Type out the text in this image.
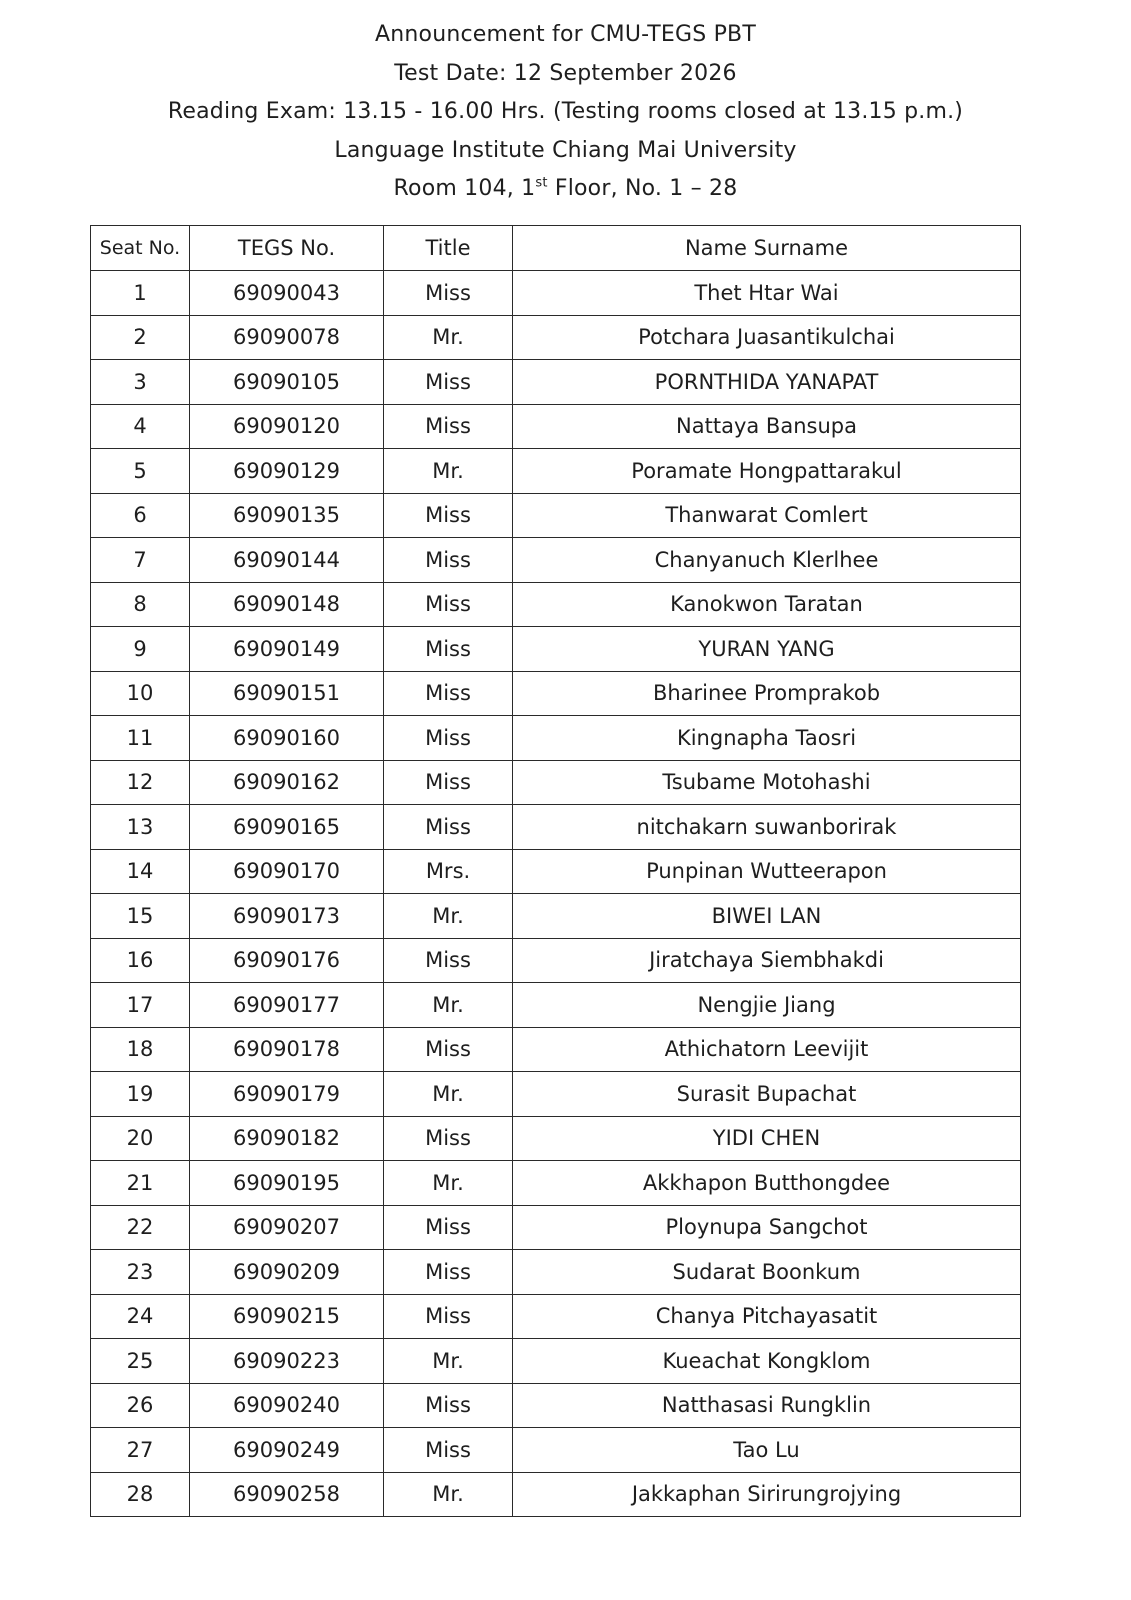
Announcement for CMU-TEGS PBT
Test Date: 12 September 2026
Reading Exam: 13.15 - 16.00 Hrs. (Testing rooms closed at 13.15 p.m.)
Language Institute Chiang Mai University
Room 104, 1st Floor, No. 1 – 28
Seat No.	TEGS No.	Title	Name Surname
1	69090043	Miss	Thet Htar Wai
2	69090078	Mr.	Potchara Juasantikulchai
3	69090105	Miss	PORNTHIDA YANAPAT
4	69090120	Miss	Nattaya Bansupa
5	69090129	Mr.	Poramate Hongpattarakul
6	69090135	Miss	Thanwarat Comlert
7	69090144	Miss	Chanyanuch Klerlhee
8	69090148	Miss	Kanokwon Taratan
9	69090149	Miss	YURAN YANG
10	69090151	Miss	Bharinee Promprakob
11	69090160	Miss	Kingnapha Taosri
12	69090162	Miss	Tsubame Motohashi
13	69090165	Miss	nitchakarn suwanborirak
14	69090170	Mrs.	Punpinan Wutteerapon
15	69090173	Mr.	BIWEI LAN
16	69090176	Miss	Jiratchaya Siembhakdi
17	69090177	Mr.	Nengjie Jiang
18	69090178	Miss	Athichatorn Leevijit
19	69090179	Mr.	Surasit Bupachat
20	69090182	Miss	YIDI CHEN
21	69090195	Mr.	Akkhapon Butthongdee
22	69090207	Miss	Ploynupa Sangchot
23	69090209	Miss	Sudarat Boonkum
24	69090215	Miss	Chanya Pitchayasatit
25	69090223	Mr.	Kueachat Kongklom
26	69090240	Miss	Natthasasi Rungklin
27	69090249	Miss	Tao Lu
28	69090258	Mr.	Jakkaphan Sirirungrojying
